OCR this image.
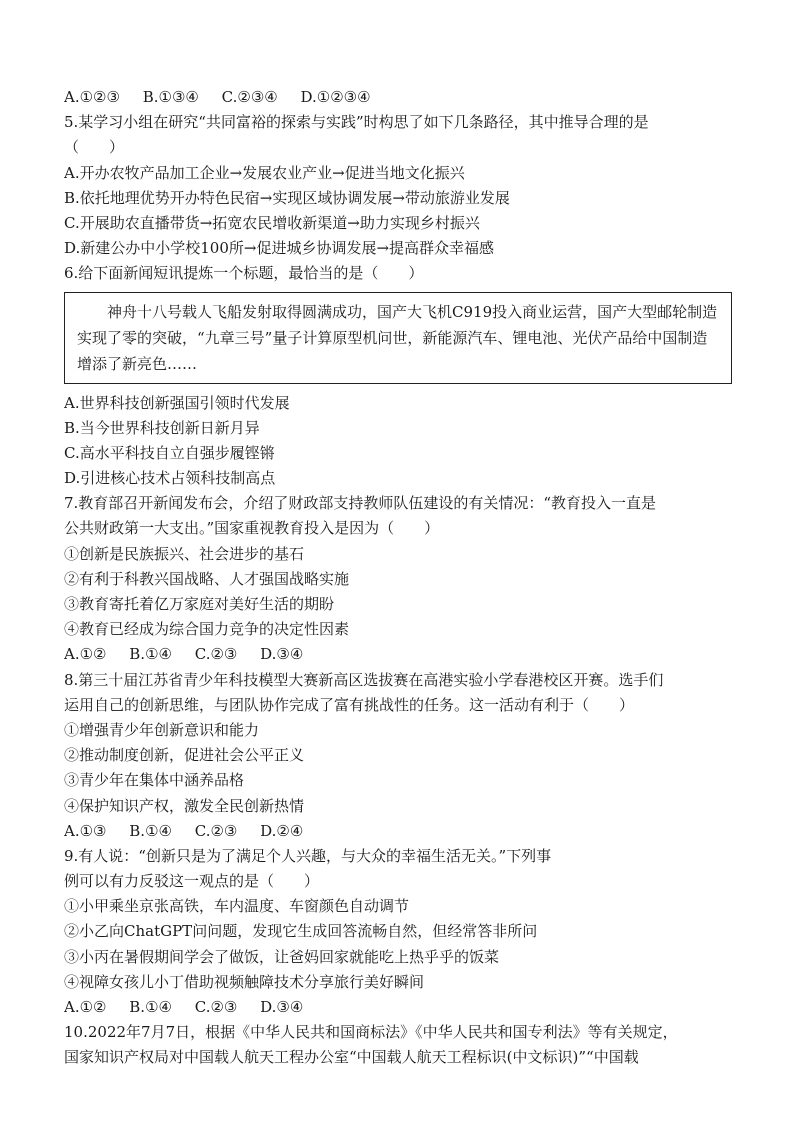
A.①②③ B.①③④ C.②③④ D.①②③④
5.某学习小组在研究“共同富裕的探索与实践”时构思了如下几条路径，其中推导合理的是
（　　）
A.开办农牧产品加工企业→发展农业产业→促进当地文化振兴
B.依托地理优势开办特色民宿→实现区域协调发展→带动旅游业发展
C.开展助农直播带货→拓宽农民增收新渠道→助力实现乡村振兴
D.新建公办中小学校100所→促进城乡协调发展→提高群众幸福感
6.给下面新闻短讯提炼一个标题，最恰当的是（　　）

神舟十八号载人飞船发射取得圆满成功，国产大飞机C919投入商业运营，国产大型邮轮制造实现了零的突破，“九章三号”量子计算原型机问世，新能源汽车、锂电池、光伏产品给中国制造增添了新亮色……

A.世界科技创新强国引领时代发展
B.当今世界科技创新日新月异
C.高水平科技自立自强步履铿锵
D.引进核心技术占领科技制高点
7.教育部召开新闻发布会，介绍了财政部支持教师队伍建设的有关情况：“教育投入一直是
公共财政第一大支出。”国家重视教育投入是因为（　　）
①创新是民族振兴、社会进步的基石
②有利于科教兴国战略、人才强国战略实施
③教育寄托着亿万家庭对美好生活的期盼
④教育已经成为综合国力竞争的决定性因素
A.①② B.①④ C.②③ D.③④
8.第三十届江苏省青少年科技模型大赛新高区选拔赛在高港实验小学春港校区开赛。选手们
运用自己的创新思维，与团队协作完成了富有挑战性的任务。这一活动有利于（　　）
①增强青少年创新意识和能力
②推动制度创新，促进社会公平正义
③青少年在集体中涵养品格
④保护知识产权，激发全民创新热情
A.①③ B.①④ C.②③ D.②④
9.有人说：“创新只是为了满足个人兴趣，与大众的幸福生活无关。”下列事
例可以有力反驳这一观点的是（　　）
①小甲乘坐京张高铁，车内温度、车窗颜色自动调节
②小乙向ChatGPT问问题，发现它生成回答流畅自然，但经常答非所问
③小丙在暑假期间学会了做饭，让爸妈回家就能吃上热乎乎的饭菜
④视障女孩儿小丁借助视频触障技术分享旅行美好瞬间
A.①② B.①④ C.②③ D.③④
10.2022年7月7日，根据《中华人民共和国商标法》《中华人民共和国专利法》等有关规定，
国家知识产权局对中国载人航天工程办公室“中国载人航天工程标识(中文标识)”“中国载
